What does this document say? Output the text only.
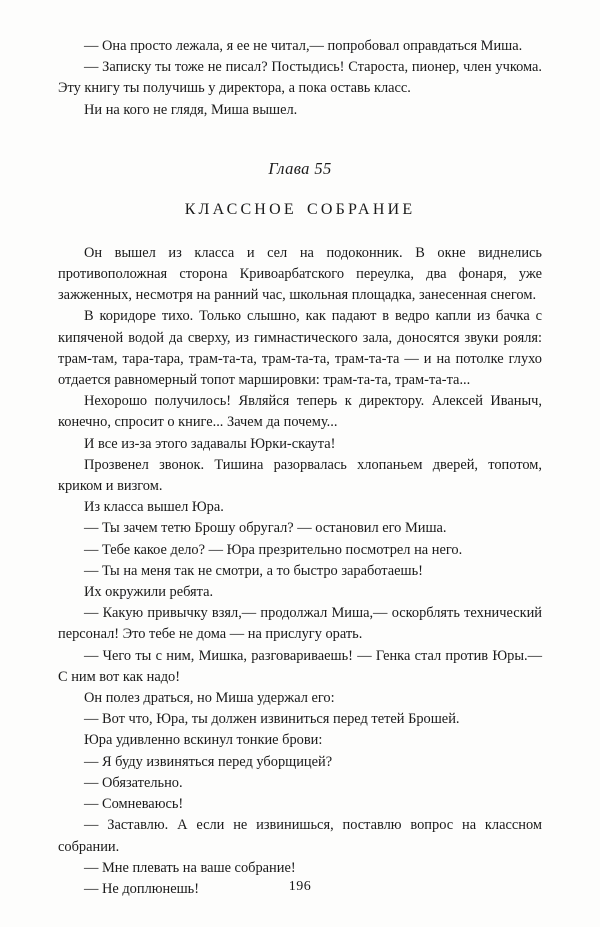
— Она просто лежала, я ее не читал,— попробовал оправдаться Миша.

— Записку ты тоже не писал? Постыдись! Староста, пионер, член учкома. Эту книгу ты получишь у директора, а пока оставь класс.

Ни на кого не глядя, Миша вышел.

Глава 55
КЛАССНОЕ СОБРАНИЕ

Он вышел из класса и сел на подоконник. В окне виднелись противоположная сторона Кривоарбатского переулка, два фонаря, уже зажженных, несмотря на ранний час, школьная площадка, занесенная снегом.

В коридоре тихо. Только слышно, как падают в ведро капли из бачка с кипяченой водой да сверху, из гимнастического зала, доносятся звуки рояля: трам-там, тара-тара, трам-та-та, трам-та-та, трам-та-та — и на потолке глухо отдается равномерный топот маршировки: трам-та-та, трам-та-та...

Нехорошо получилось! Являйся теперь к директору. Алексей Иваныч, конечно, спросит о книге... Зачем да почему...

И все из-за этого задавалы Юрки-скаута!

Прозвенел звонок. Тишина разорвалась хлопаньем дверей, топотом, криком и визгом.

Из класса вышел Юра.

— Ты зачем тетю Брошу обругал? — остановил его Миша.

— Тебе какое дело? — Юра презрительно посмотрел на него.

— Ты на меня так не смотри, а то быстро заработаешь!

Их окружили ребята.

— Какую привычку взял,— продолжал Миша,— оскорблять технический персонал! Это тебе не дома — на прислугу орать.

— Чего ты с ним, Мишка, разговариваешь! — Генка стал против Юры.— С ним вот как надо!

Он полез драться, но Миша удержал его:

— Вот что, Юра, ты должен извиниться перед тетей Брошей.

Юра удивленно вскинул тонкие брови:

— Я буду извиняться перед уборщицей?

— Обязательно.

— Сомневаюсь!

— Заставлю. А если не извинишься, поставлю вопрос на классном собрании.

— Мне плевать на ваше собрание!

— Не доплюнешь!	196
